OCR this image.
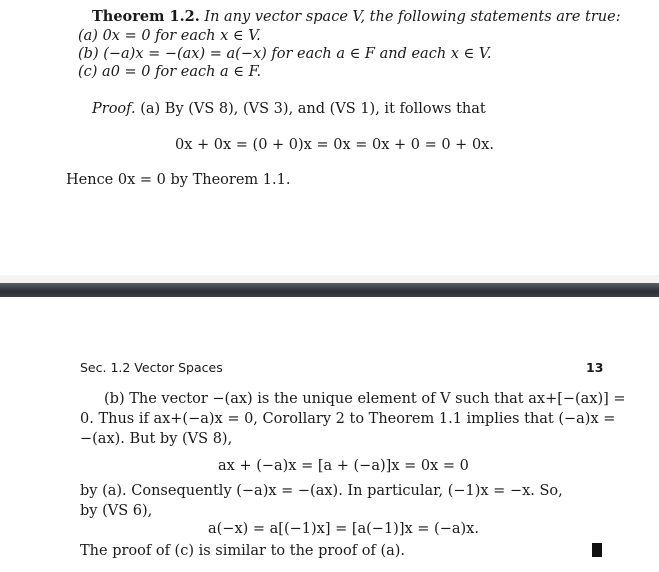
Theorem 1.2. In any vector space V, the following statements are true:
(a) 0x = 0 for each x ∈ V.
(b) (−a)x = −(ax) = a(−x) for each a ∈ F and each x ∈ V.
(c) a0 = 0 for each a ∈ F.
Proof. (a) By (VS 8), (VS 3), and (VS 1), it follows that
0x + 0x = (0 + 0)x = 0x = 0x + 0 = 0 + 0x.
Hence 0x = 0 by Theorem 1.1.
Sec. 1.2 Vector Spaces	13
(b) The vector −(ax) is the unique element of V such that ax+[−(ax)] =
0. Thus if ax+(−a)x = 0, Corollary 2 to Theorem 1.1 implies that (−a)x =
−(ax). But by (VS 8),
ax + (−a)x = [a + (−a)]x = 0x = 0
by (a). Consequently (−a)x = −(ax). In particular, (−1)x = −x. So,
by (VS 6),
a(−x) = a[(−1)x] = [a(−1)]x = (−a)x.
The proof of (c) is similar to the proof of (a).
